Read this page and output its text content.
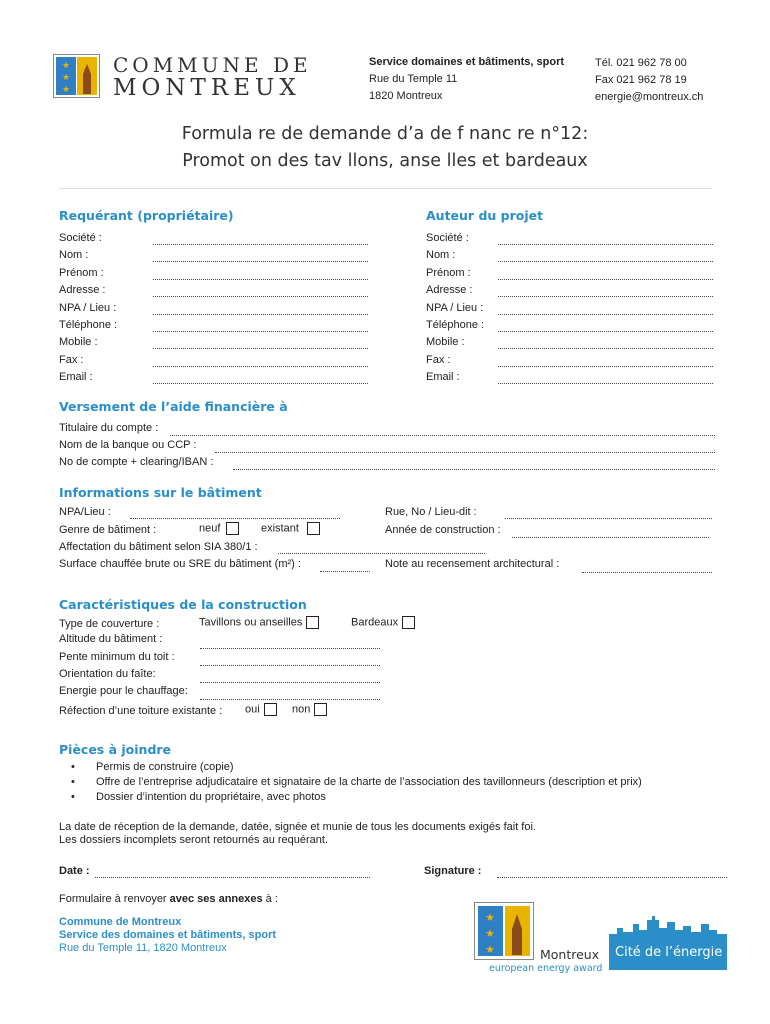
★
★
★
COMMUNE DE
MONTREUX
Service domaines et bâtiments, sport
Rue du Temple 11
1820 Montreux
Tél. 021 962 78 00
Fax 021 962 78 19
energie@montreux.ch
Formula re de demande d’a de f nanc re n°12:
Promot on des tav llons, anse lles et bardeaux
Requérant (propriétaire)	Auteur du projet
Société :
Nom :
Prénom :
Adresse :
NPA / Lieu :
Téléphone :
Mobile :
Fax :
Email :
Société :
Nom :
Prénom :
Adresse :
NPA / Lieu :
Téléphone :
Mobile :
Fax :
Email :
Versement de l’aide financière à
Titulaire du compte :
Nom de la banque ou CCP :
No de compte + clearing/IBAN :
Informations sur le bâtiment
NPA/Lieu :	Rue, No / Lieu-dit :
Genre de bâtiment :	neuf	existant	Année de construction :
Affectation du bâtiment selon SIA 380/1 :
Surface chauffée brute ou SRE du bâtiment (m²) :	Note au recensement architectural :
Caractéristiques de la construction
Type de couverture :	Tavillons ou anseilles	Bardeaux
Altitude du bâtiment :
Pente minimum du toit :
Orientation du faîte:
Energie pour le chauffage:
Réfection d’une toiture existante : oui	non
Pièces à joindre
• Permis de construire (copie)
• Offre de l’entreprise adjudicataire et signataire de la charte de l’association des tavillonneurs (description et prix)
• Dossier d’intention du propriétaire, avec photos
La date de réception de la demande, datée, signée et munie de tous les documents exigés fait foi.
Les dossiers incomplets seront retournés au requérant.
Date :	Signature :
Formulaire à renvoyer avec ses annexes à :
Commune de Montreux
Service des domaines et bâtiments, sport
Rue du Temple 11, 1820 Montreux
★
★
★	Montreux
european energy award
Cité de l’énergie
